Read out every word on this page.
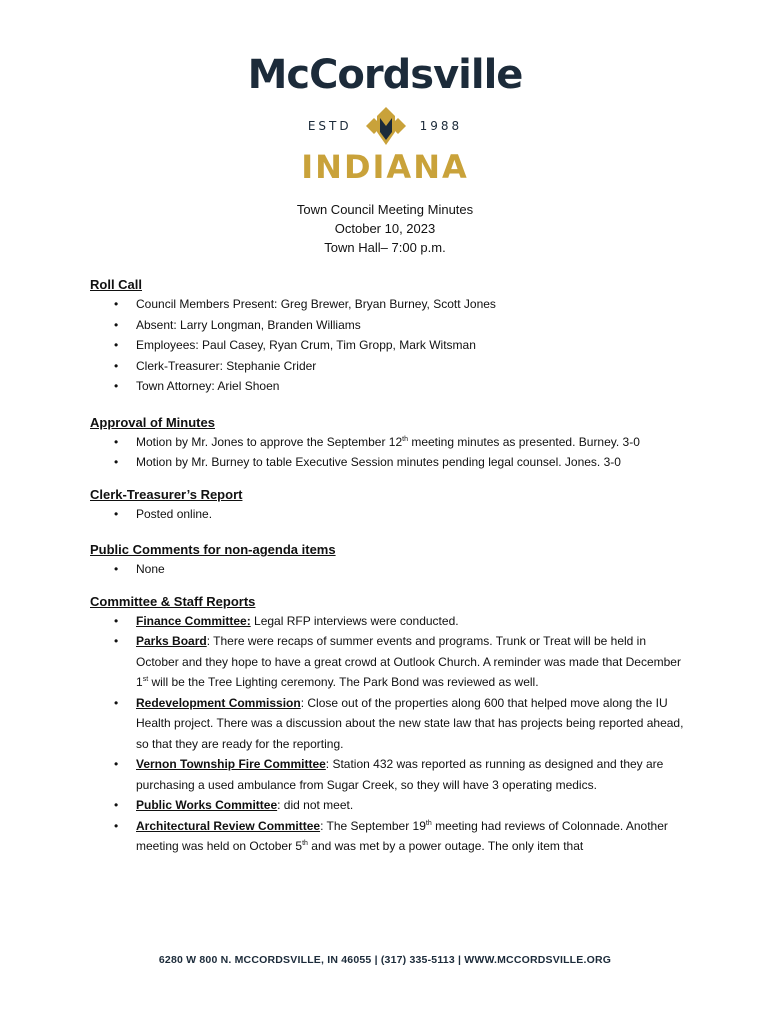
McCordsville
ESTD	1988
INDIANA
Town Council Meeting Minutes
October 10, 2023
Town Hall– 7:00 p.m.

Roll Call

• Council Members Present: Greg Brewer, Bryan Burney, Scott Jones
• Absent: Larry Longman, Branden Williams
• Employees: Paul Casey, Ryan Crum, Tim Gropp, Mark Witsman
• Clerk-Treasurer: Stephanie Crider
• Town Attorney: Ariel Shoen

Approval of Minutes

• Motion by Mr. Jones to approve the September 12th meeting minutes as presented. Burney. 3-0
• Motion by Mr. Burney to table Executive Session minutes pending legal counsel. Jones. 3-0

Clerk-Treasurer’s Report

• Posted online.

Public Comments for non-agenda items

• None

Committee & Staff Reports

• Finance Committee: Legal RFP interviews were conducted.
• Parks Board: There were recaps of summer events and programs. Trunk or Treat will be held in October and they hope to have a great crowd at Outlook Church. A reminder was made that December 1st will be the Tree Lighting ceremony. The Park Bond was reviewed as well.
• Redevelopment Commission: Close out of the properties along 600 that helped move along the IU Health project. There was a discussion about the new state law that has projects being reported ahead, so that they are ready for the reporting.
• Vernon Township Fire Committee: Station 432 was reported as running as designed and they are purchasing a used ambulance from Sugar Creek, so they will have 3 operating medics.
• Public Works Committee: did not meet.
• Architectural Review Committee: The September 19th meeting had reviews of Colonnade. Another meeting was held on October 5th and was met by a power outage. The only item that
6280 W 800 N. MCCORDSVILLE, IN 46055 | (317) 335-5113 | WWW.MCCORDSVILLE.ORG
